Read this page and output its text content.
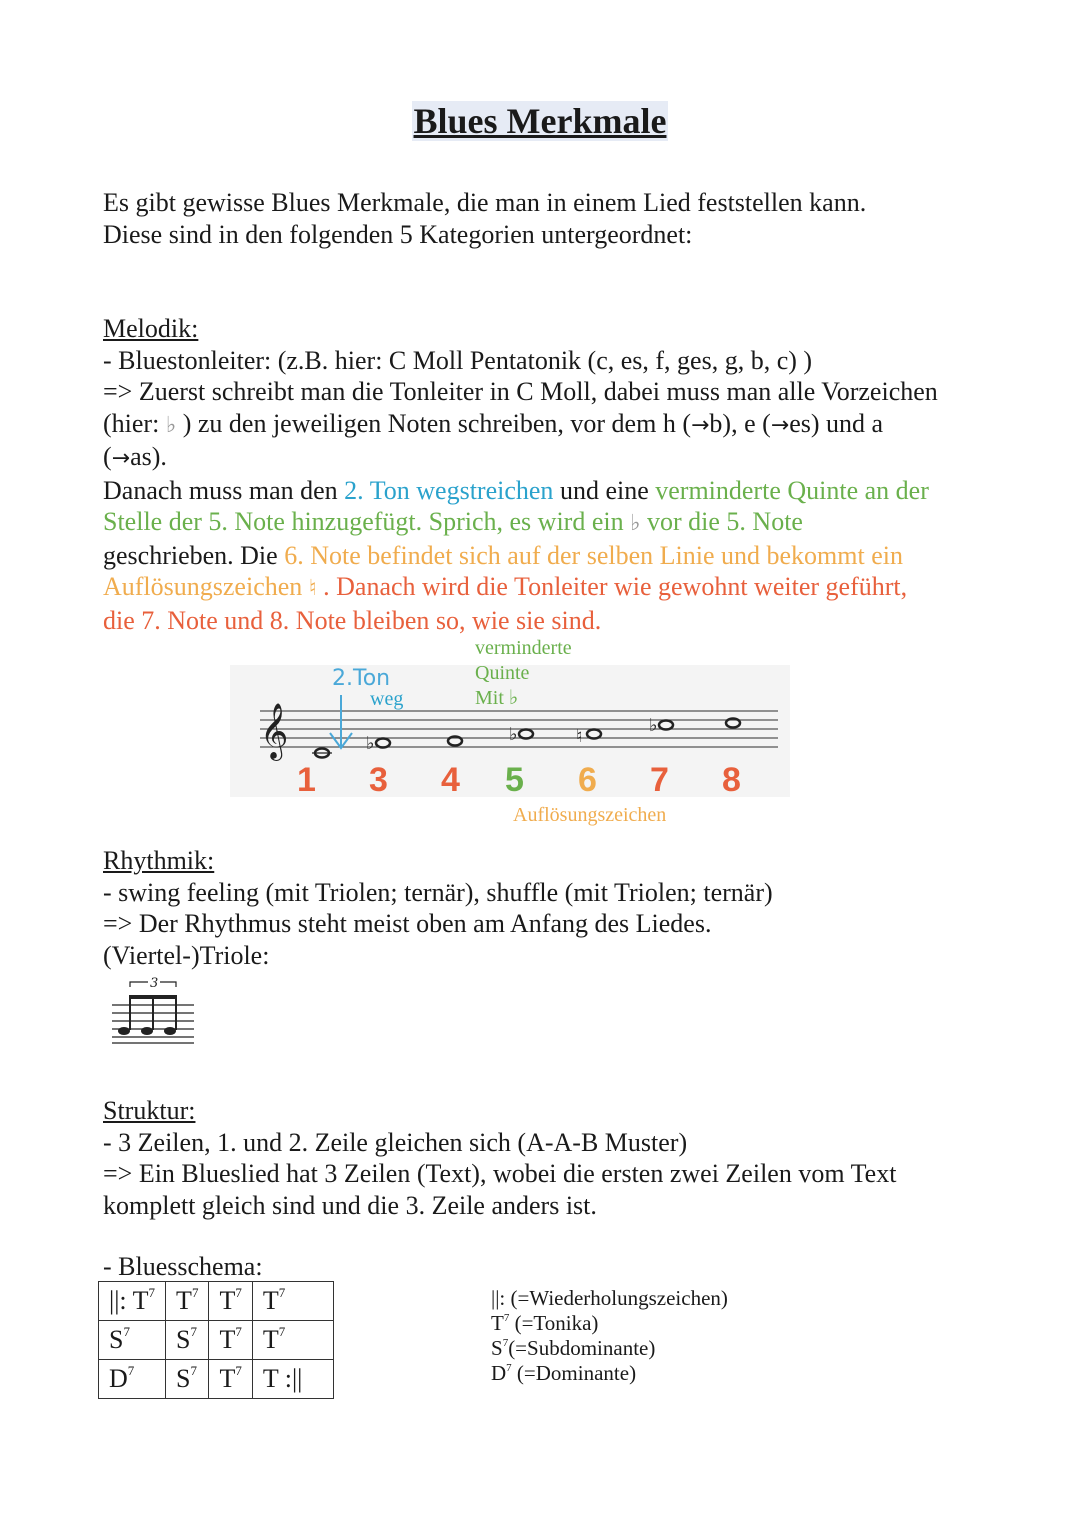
Blues Merkmale
Es gibt gewisse Blues Merkmale, die man in einem Lied feststellen kann.
Diese sind in den folgenden 5 Kategorien untergeordnet:
Melodik:
- Bluestonleiter: (z.B. hier: C Moll Pentatonik (c, es, f, ges, g, b, c) )
=> Zuerst schreibt man die Tonleiter in C Moll, dabei muss man alle Vorzeichen
(hier: ♭ ) zu den jeweiligen Noten schreiben, vor dem h (→b), e (→es) und a
(→as).
Danach muss man den 2. Ton wegstreichen und eine verminderte Quinte an der
Stelle der 5. Note hinzugefügt. Sprich, es wird ein ♭ vor die 5. Note
geschrieben. Die 6. Note befindet sich auf der selben Linie und bekommt ein
Auflösungszeichen ♮ . Danach wird die Tonleiter wie gewohnt weiter geführt,
die 7. Note und 8. Note bleiben so, wie sie sind.
𝄞	♭	♭	♮
♭
2.Ton
weg
verminderte
Quinte
Mit ♭
1 3 4 5 6 7 8
Auflösungszeichen
Rhythmik:
- swing feeling (mit Triolen; ternär), shuffle (mit Triolen; ternär)
=> Der Rhythmus steht meist oben am Anfang des Liedes.
(Viertel-)Triole:
3
Struktur:
- 3 Zeilen, 1. und 2. Zeile gleichen sich (A-A-B Muster)
=> Ein Blueslied hat 3 Zeilen (Text), wobei die ersten zwei Zeilen vom Text
komplett gleich sind und die 3. Zeile anders ist.
- Bluesschema:
||: $T^7$	$T^7$	$T^7$	$T^7$
$S^7$	$S^7$	$T^7$	$T^7$
$D^7$	$S^7$	$T^7$	T :||
||: (=Wiederholungszeichen)
$T^7$ (=Tonika)
$S^7(=Subdominante)$
$D^7$ (=Dominante)
